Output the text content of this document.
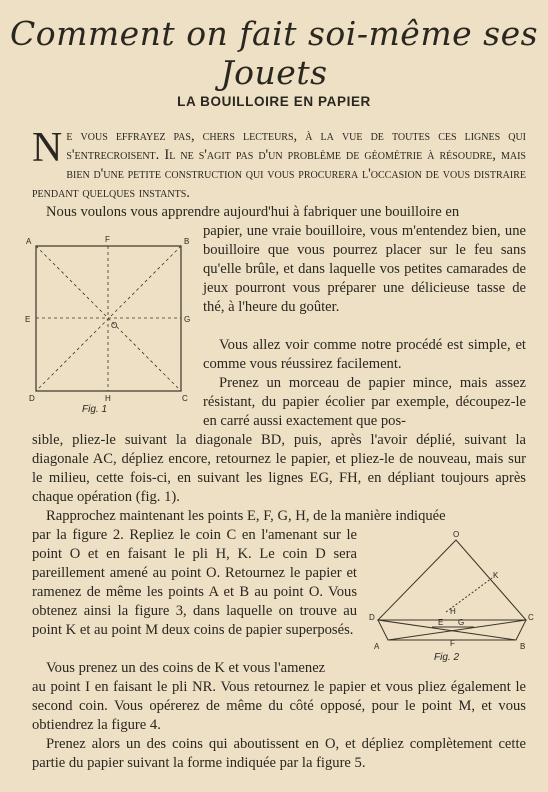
Comment on fait soi-même ses Jouets
LA BOUILLOIRE EN PAPIER
Ne vous effrayez pas, chers lecteurs, à la vue de toutes ces lignes qui s'entrecroisent. Il ne s'agit pas d'un problème de géométrie à résoudre, mais bien d'une petite construction qui vous procurera l'occasion de vous distraire pendant quelques instants.
Nous voulons vous apprendre aujourd'hui à fabriquer une bouilloire en
A	F	B
E
O
G
D	H	C
Fig. 1
papier, une vraie bouilloire, vous m'entendez bien, une bouilloire que vous pourrez placer sur le feu sans qu'elle brûle, et dans laquelle vos petites camarades de jeux pourront vous préparer une délicieuse tasse de thé, à l'heure du goûter.
Vous allez voir comme notre procédé est simple, et comme vous réussirez facilement.
Prenez un morceau de papier mince, mais assez résistant, du papier écolier par exemple, découpez-le en carré aussi exactement que pos-
sible, pliez-le suivant la diagonale BD, puis, après l'avoir déplié, suivant la diagonale AC, dépliez encore, retournez le papier, et pliez-le de nouveau, mais sur le milieu, cette fois-ci, en suivant les lignes EG, FH, en dépliant toujours après chaque opération (fig. 1).
Rapprochez maintenant les points E, F, G, H, de la manière indiquée
par la figure 2. Repliez le coin C en l'amenant sur le point O et en faisant le pli H, K. Le coin D sera pareillement amené au point O. Retournez le papier et ramenez de même les points A et B au point O. Vous obtenez ainsi la figure 3, dans laquelle on trouve au point K et au point M deux coins de papier superposés.
Vous prenez un des coins de K et vous l'amenez
O
K
H
D
E G
C
A	F	B
Fig. 2
au point I en faisant le pli NR. Vous retournez le papier et vous pliez également le second coin. Vous opérerez de même du côté opposé, pour le point M, et vous obtiendrez la figure 4.
Prenez alors un des coins qui aboutissent en O, et dépliez complètement cette partie du papier suivant la forme indiquée par la figure 5.
